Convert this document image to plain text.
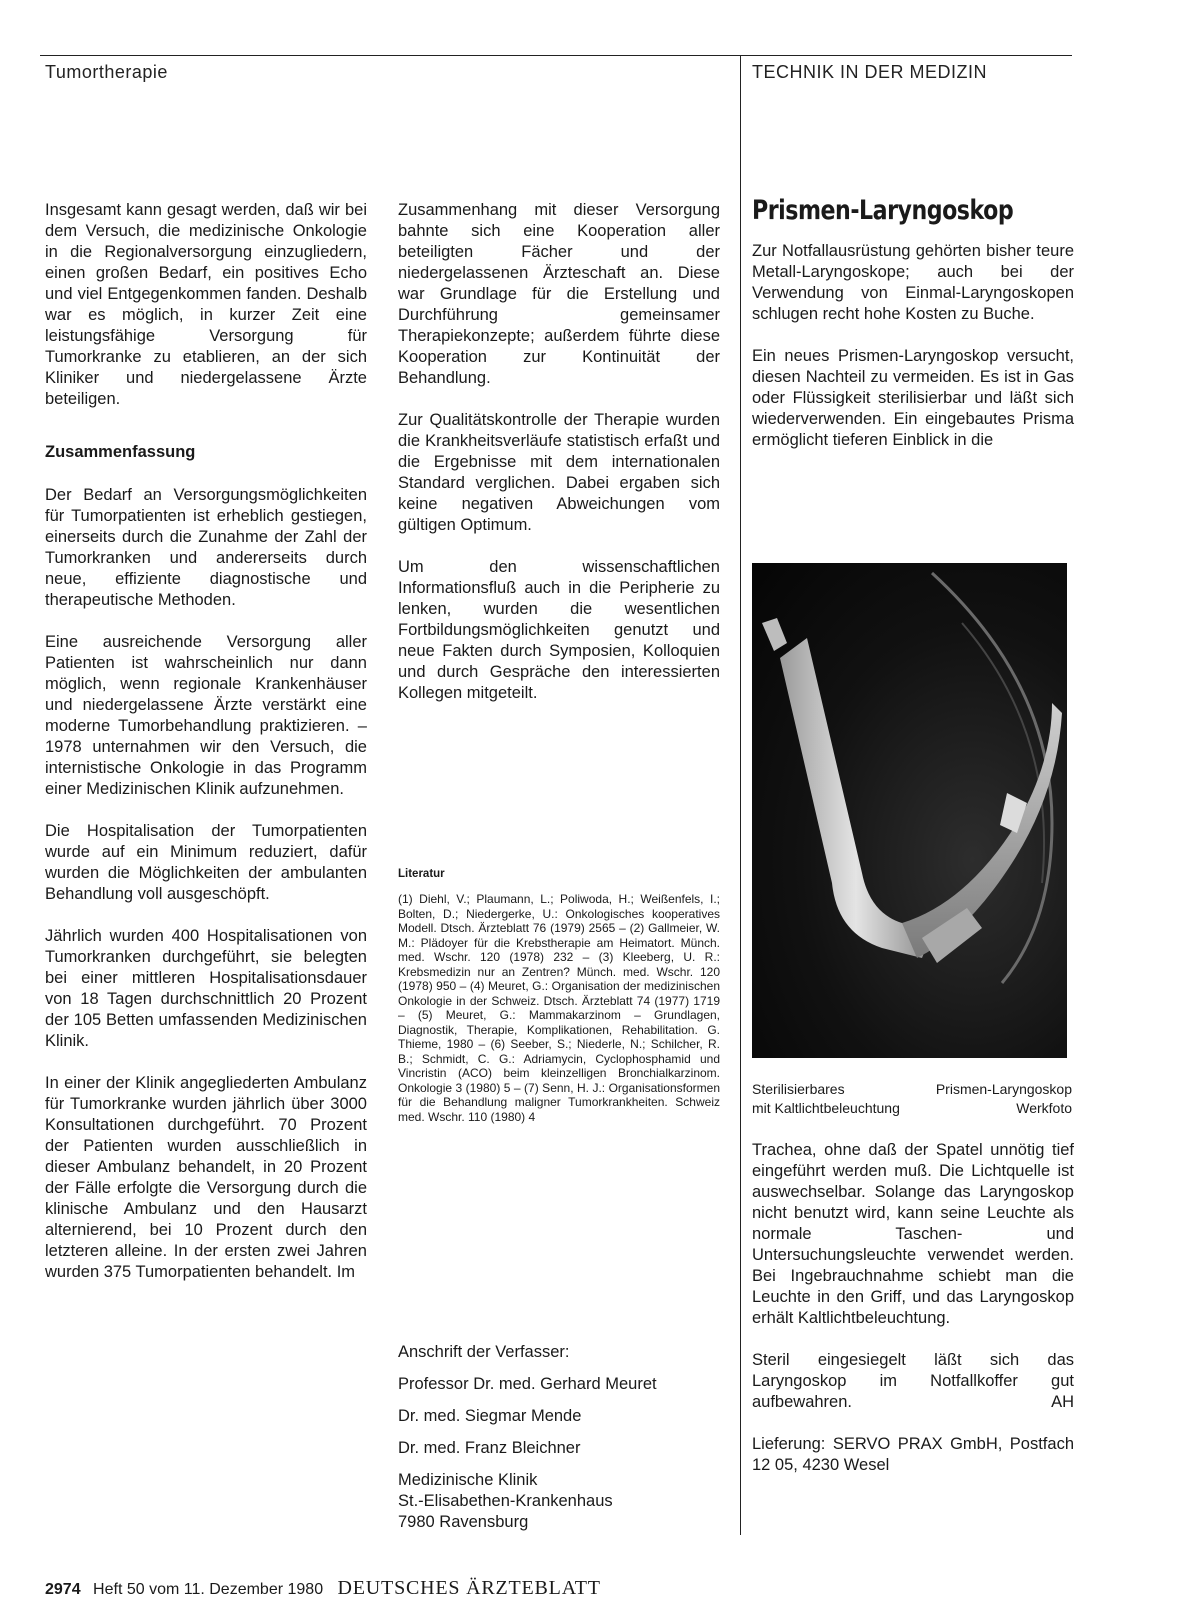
Tumortherapie	TECHNIK IN DER MEDIZIN

Insgesamt kann gesagt werden, daß wir bei dem Versuch, die medizinische Onkologie in die Regionalversorgung einzugliedern, einen großen Bedarf, ein positives Echo und viel Entgegenkommen fanden. Deshalb war es möglich, in kurzer Zeit eine leistungsfähige Versorgung für Tumorkranke zu etablieren, an der sich Kliniker und niedergelassene Ärzte beteiligen.

Zusammenfassung

Der Bedarf an Versorgungsmöglichkeiten für Tumorpatienten ist erheblich gestiegen, einerseits durch die Zunahme der Zahl der Tumorkranken und andererseits durch neue, effiziente diagnostische und therapeutische Methoden.

Eine ausreichende Versorgung aller Patienten ist wahrscheinlich nur dann möglich, wenn regionale Krankenhäuser und niedergelassene Ärzte verstärkt eine moderne Tumorbehandlung praktizieren. – 1978 unternahmen wir den Versuch, die internistische Onkologie in das Programm einer Medizinischen Klinik aufzunehmen.

Die Hospitalisation der Tumorpatienten wurde auf ein Minimum reduziert, dafür wurden die Möglichkeiten der ambulanten Behandlung voll ausgeschöpft.

Jährlich wurden 400 Hospitalisationen von Tumorkranken durchgeführt, sie belegten bei einer mittleren Hospitalisationsdauer von 18 Tagen durchschnittlich 20 Prozent der 105 Betten umfassenden Medizinischen Klinik.

In einer der Klinik angegliederten Ambulanz für Tumorkranke wurden jährlich über 3000 Konsultationen durchgeführt. 70 Prozent der Patienten wurden ausschließlich in dieser Ambulanz behandelt, in 20 Prozent der Fälle erfolgte die Versorgung durch die klinische Ambulanz und den Hausarzt alternierend, bei 10 Prozent durch den letzteren alleine. In der ersten zwei Jahren wurden 375 Tumorpatienten behandelt. Im

Zusammenhang mit dieser Versorgung bahnte sich eine Kooperation aller beteiligten Fächer und der niedergelassenen Ärzteschaft an. Diese war Grundlage für die Erstellung und Durchführung gemeinsamer Therapiekonzepte; außerdem führte diese Kooperation zur Kontinuität der Behandlung.

Zur Qualitätskontrolle der Therapie wurden die Krankheitsverläufe statistisch erfaßt und die Ergebnisse mit dem internationalen Standard verglichen. Dabei ergaben sich keine negativen Abweichungen vom gültigen Optimum.

Um den wissenschaftlichen Informationsfluß auch in die Peripherie zu lenken, wurden die wesentlichen Fortbildungsmöglichkeiten genutzt und neue Fakten durch Symposien, Kolloquien und durch Gespräche den interessierten Kollegen mitgeteilt.

Literatur

(1) Diehl, V.; Plaumann, L.; Poliwoda, H.; Weißenfels, I.; Bolten, D.; Niedergerke, U.: Onkologisches kooperatives Modell. Dtsch. Ärzteblatt 76 (1979) 2565 – (2) Gallmeier, W. M.: Plädoyer für die Krebstherapie am Heimatort. Münch. med. Wschr. 120 (1978) 232 – (3) Kleeberg, U. R.: Krebsmedizin nur an Zentren? Münch. med. Wschr. 120 (1978) 950 – (4) Meuret, G.: Organisation der medizinischen Onkologie in der Schweiz. Dtsch. Ärzteblatt 74 (1977) 1719 – (5) Meuret, G.: Mammakarzinom – Grundlagen, Diagnostik, Therapie, Komplikationen, Rehabilitation. G. Thieme, 1980 – (6) Seeber, S.; Niederle, N.; Schilcher, R. B.; Schmidt, C. G.: Adriamycin, Cyclophosphamid und Vincristin (ACO) beim kleinzelligen Bronchialkarzinom. Onkologie 3 (1980) 5 – (7) Senn, H. J.: Organisationsformen für die Behandlung maligner Tumorkrankheiten. Schweiz med. Wschr. 110 (1980) 4

Anschrift der Verfasser:
Professor Dr. med. Gerhard Meuret
Dr. med. Siegmar Mende
Dr. med. Franz Bleichner
Medizinische Klinik
St.-Elisabethen-Krankenhaus
7980 Ravensburg
Prismen-Laryngoskop

Zur Notfallausrüstung gehörten bisher teure Metall-Laryngoskope; auch bei der Verwendung von Einmal-Laryngoskopen schlugen recht hohe Kosten zu Buche.

Ein neues Prismen-Laryngoskop versucht, diesen Nachteil zu vermeiden. Es ist in Gas oder Flüssigkeit sterilisierbar und läßt sich wiederverwenden. Ein eingebautes Prisma ermöglicht tieferen Einblick in die

Sterilisierbares	Prismen-Laryngoskop
mit Kaltlichtbeleuchtung	Werkfoto

Trachea, ohne daß der Spatel unnötig tief eingeführt werden muß. Die Lichtquelle ist auswechselbar. Solange das Laryngoskop nicht benutzt wird, kann seine Leuchte als normale Taschen- und Untersuchungsleuchte verwendet werden. Bei Ingebrauchnahme schiebt man die Leuchte in den Griff, und das Laryngoskop erhält Kaltlichtbeleuchtung.

Steril eingesiegelt läßt sich das Laryngoskop im Notfallkoffer gut aufbewahren.	AH

Lieferung: SERVO PRAX GmbH, Postfach 12 05, 4230 Wesel

2974 Heft 50 vom 11. Dezember 1980 DEUTSCHES ÄRZTEBLATT
